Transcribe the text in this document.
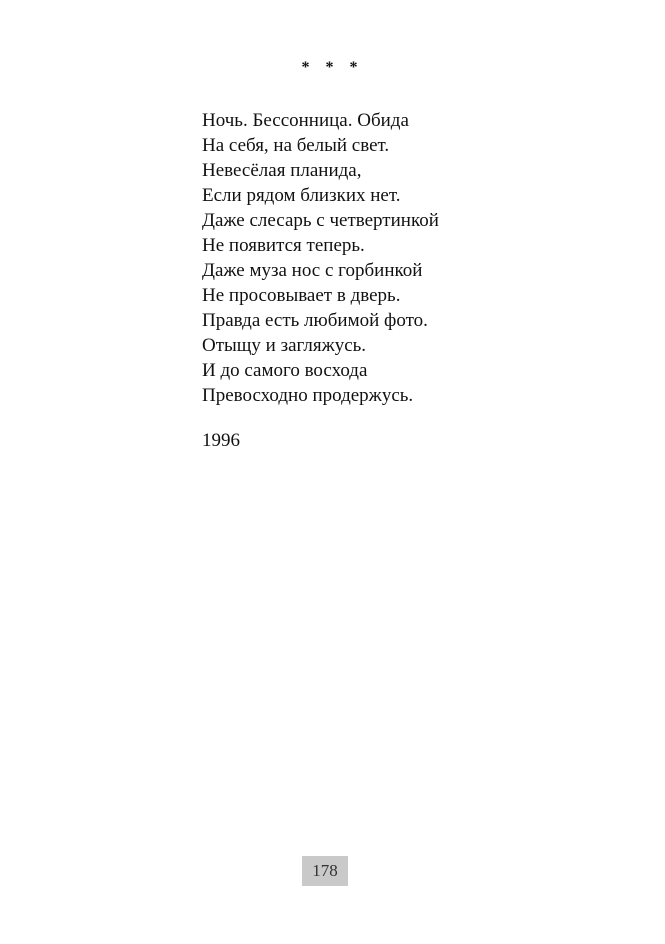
* * *
Ночь. Бессонница. Обида
На себя, на белый свет.
Невесёлая планида,
Если рядом близких нет.
Даже слесарь с четвертинкой
Не появится теперь.
Даже муза нос с горбинкой
Не просовывает в дверь.
Правда есть любимой фото.
Отыщу и загляжусь.
И до самого восхода
Превосходно продержусь.
1996
178
